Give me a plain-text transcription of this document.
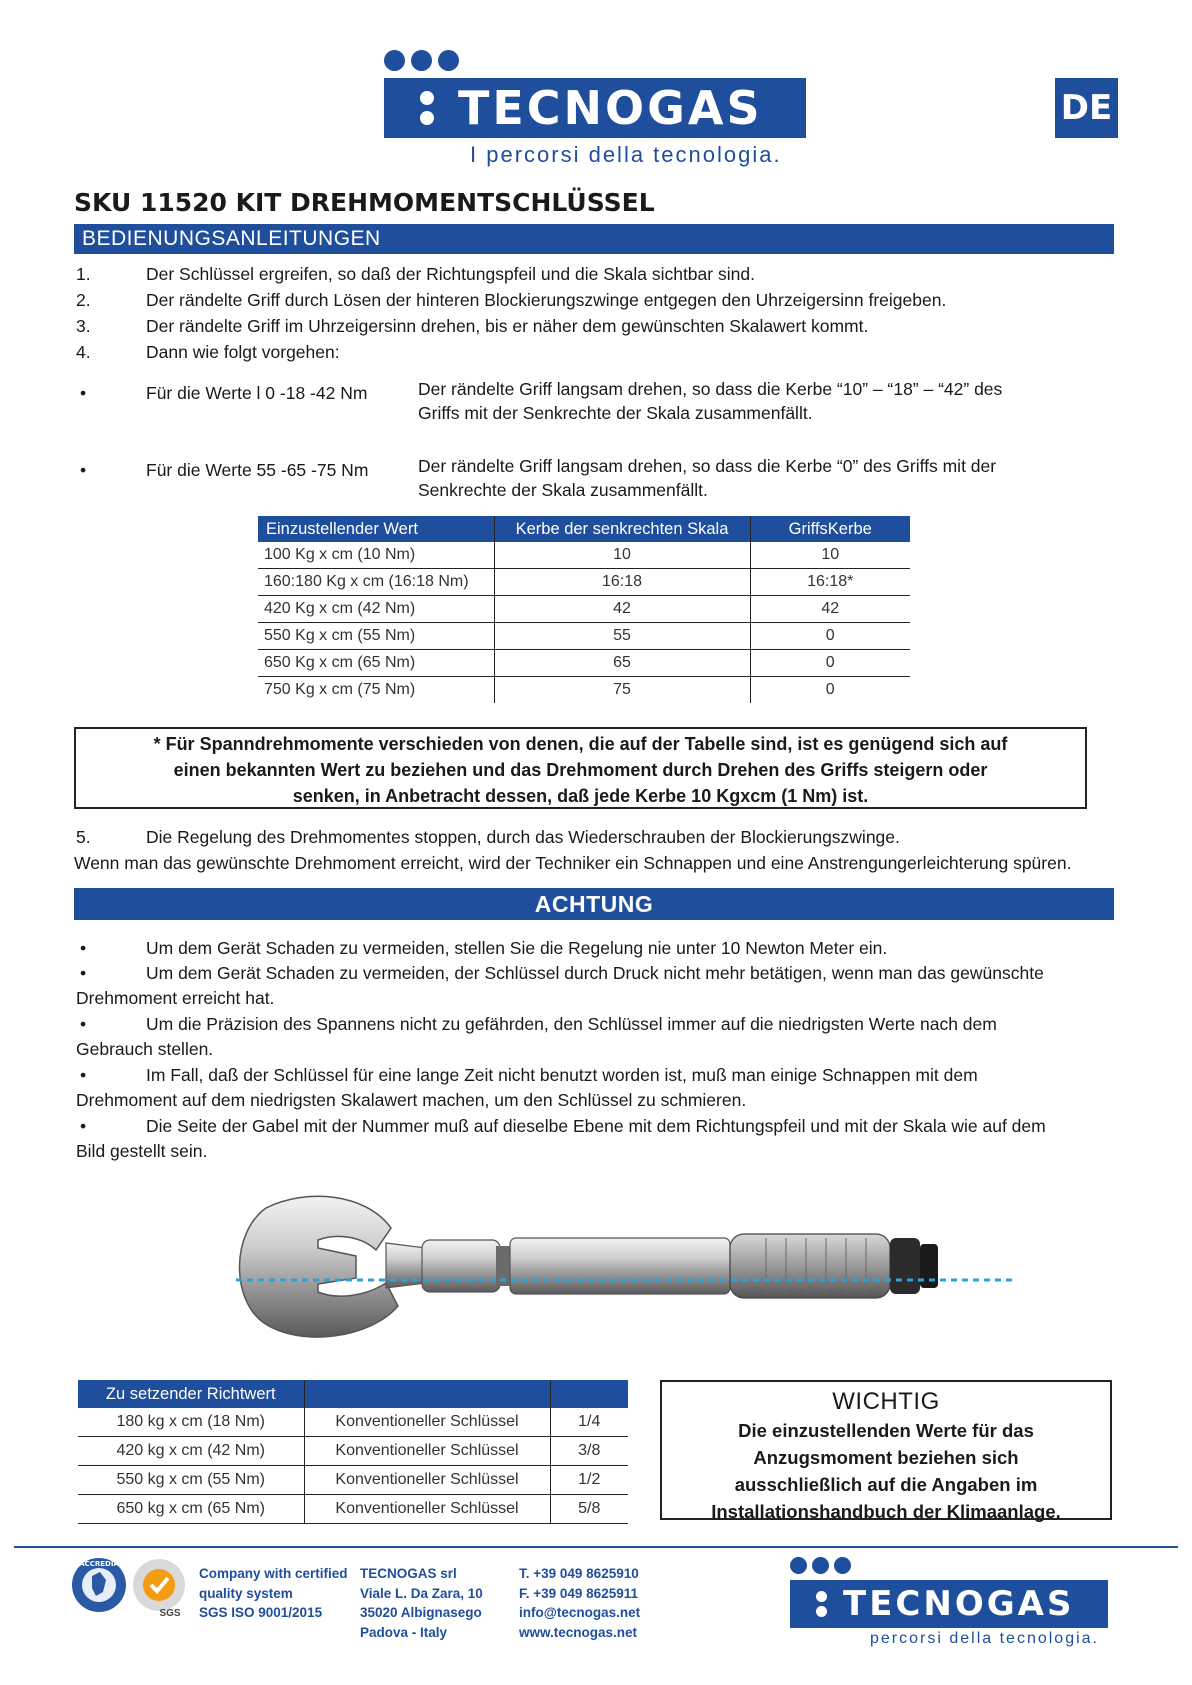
TECNOGAS
I percorsi della tecnologia.
DE
SKU 11520 KIT DREHMOMENTSCHLÜSSEL
BEDIENUNGSANLEITUNGEN
1.	Der Schlüssel ergreifen, so daß der Richtungspfeil und die Skala sichtbar sind.
2.	Der rändelte Griff durch Lösen der hinteren Blockierungszwinge entgegen den Uhrzeigersinn freigeben.
3.	Der rändelte Griff im Uhrzeigersinn drehen, bis er näher dem gewünschten Skalawert kommt.
4.	Dann wie folgt vorgehen:
•	Für die Werte l 0 -18 -42 Nm	Der rändelte Griff langsam drehen, so dass die Kerbe “10” – “18” – “42” des
Griffs mit der Senkrechte der Skala zusammenfällt.
•	Für die Werte 55 -65 -75 Nm	Der rändelte Griff langsam drehen, so dass die Kerbe “0” des Griffs mit der
Senkrechte der Skala zusammenfällt.
Einzustellender Wert	Kerbe der senkrechten Skala	GriffsKerbe
100 Kg x cm (10 Nm)	10	10
160:180 Kg x cm (16:18 Nm)	16:18	16:18*
420 Kg x cm (42 Nm)	42	42
550 Kg x cm (55 Nm)	55	0
650 Kg x cm (65 Nm)	65	0
750 Kg x cm (75 Nm)	75	0
* Für Spanndrehmomente verschieden von denen, die auf der Tabelle sind, ist es genügend sich auf
einen bekannten Wert zu beziehen und das Drehmoment durch Drehen des Griffs steigern oder
senken, in Anbetracht dessen, daß jede Kerbe 10 Kgxcm (1 Nm) ist.
5.	Die Regelung des Drehmomentes stoppen, durch das Wiederschrauben der Blockierungszwinge.
Wenn man das gewünschte Drehmoment erreicht, wird der Techniker ein Schnappen und eine Anstrengungerleichterung spüren.
ACHTUNG
•	Um dem Gerät Schaden zu vermeiden, stellen Sie die Regelung nie unter 10 Newton Meter ein.
•	Um dem Gerät Schaden zu vermeiden, der Schlüssel durch Druck nicht mehr betätigen, wenn man das gewünschte
Drehmoment erreicht hat.
•	Um die Präzision des Spannens nicht zu gefährden, den Schlüssel immer auf die niedrigsten Werte nach dem
Gebrauch stellen.
•	Im Fall, daß der Schlüssel für eine lange Zeit nicht benutzt worden ist, muß man einige Schnappen mit dem
Drehmoment auf dem niedrigsten Skalawert machen, um den Schlüssel zu schmieren.
•	Die Seite der Gabel mit der Nummer muß auf dieselbe Ebene mit dem Richtungspfeil und mit der Skala wie auf dem
Bild gestellt sein.
Zu setzender Richtwert		
180 kg x cm (18 Nm)	Konventioneller Schlüssel	1/4
420 kg x cm (42 Nm)	Konventioneller Schlüssel	3/8
550 kg x cm (55 Nm)	Konventioneller Schlüssel	1/2
650 kg x cm (65 Nm)	Konventioneller Schlüssel	5/8
WICHTIG
Die einzustellenden Werte für das
Anzugsmoment beziehen sich
ausschließlich auf die Angaben im
Installationshandbuch der Klimaanlage.
ACCREDIA
SGS
Company with certified
quality system
SGS ISO 9001/2015
TECNOGAS srl
Viale L. Da Zara, 10
35020 Albignasego
Padova - Italy
T. +39 049 8625910
F. +39 049 8625911
info@tecnogas.net
www.tecnogas.net
TECNOGAS
percorsi della tecnologia.
